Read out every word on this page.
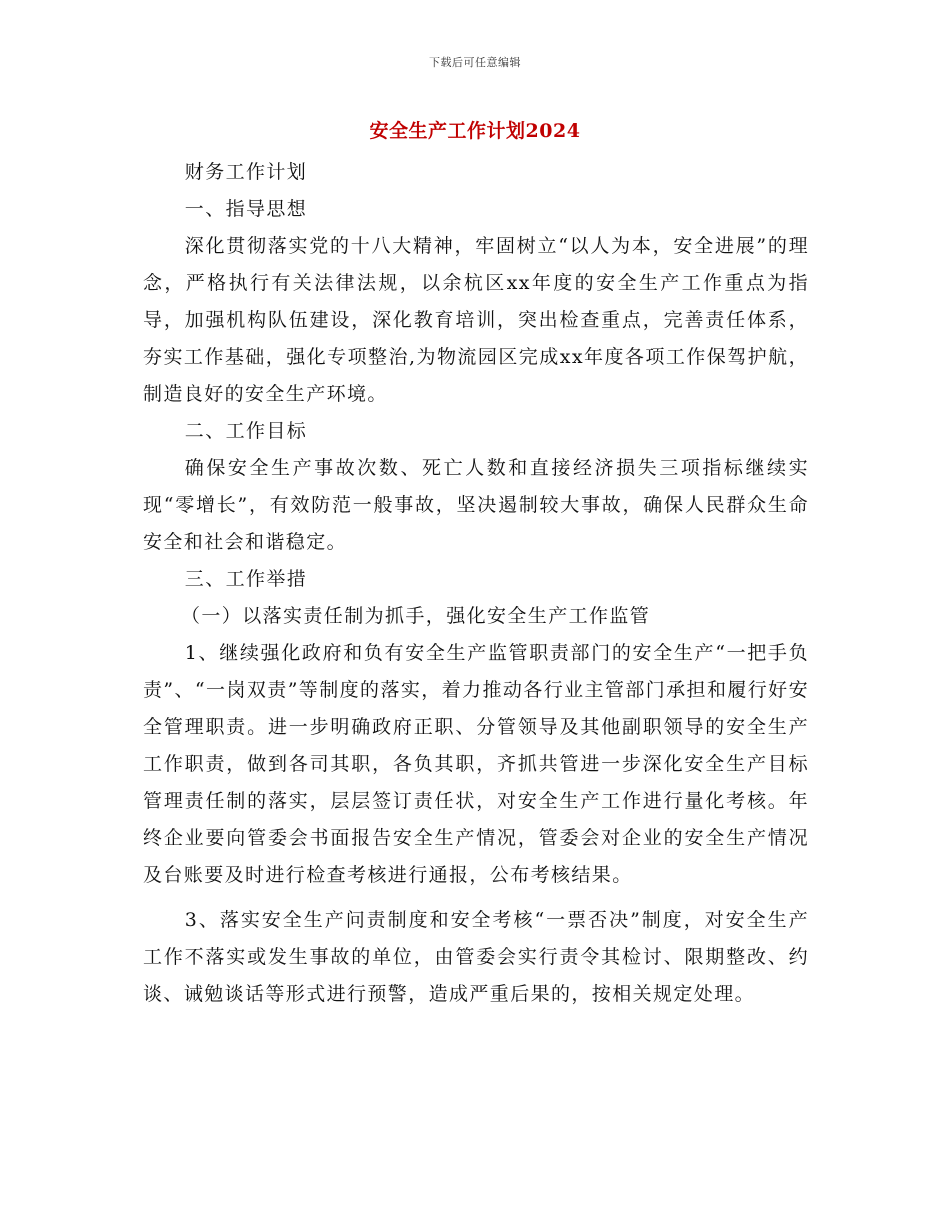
下载后可任意编辑
安全生产工作计划2024

财务工作计划

一、指导思想

深化贯彻落实党的十八大精神，牢固树立“以人为本，安全进展”的理念，严格执行有关法律法规，以余杭区xx年度的安全生产工作重点为指导，加强机构队伍建设，深化教育培训，突出检查重点，完善责任体系，夯实工作基础，强化专项整治,为物流园区完成xx年度各项工作保驾护航，制造良好的安全生产环境。

二、工作目标

确保安全生产事故次数、死亡人数和直接经济损失三项指标继续实现“零增长”，有效防范一般事故，坚决遏制较大事故，确保人民群众生命安全和社会和谐稳定。

三、工作举措

（一）以落实责任制为抓手，强化安全生产工作监管

1、继续强化政府和负有安全生产监管职责部门的安全生产“一把手负责”、“一岗双责”等制度的落实，着力推动各行业主管部门承担和履行好安全管理职责。进一步明确政府正职、分管领导及其他副职领导的安全生产工作职责，做到各司其职，各负其职，齐抓共管进一步深化安全生产目标管理责任制的落实，层层签订责任状，对安全生产工作进行量化考核。年终企业要向管委会书面报告安全生产情况，管委会对企业的安全生产情况及台账要及时进行检查考核进行通报，公布考核结果。

3、落实安全生产问责制度和安全考核“一票否决”制度，对安全生产工作不落实或发生事故的单位，由管委会实行责令其检讨、限期整改、约谈、诫勉谈话等形式进行预警，造成严重后果的，按相关规定处理。
